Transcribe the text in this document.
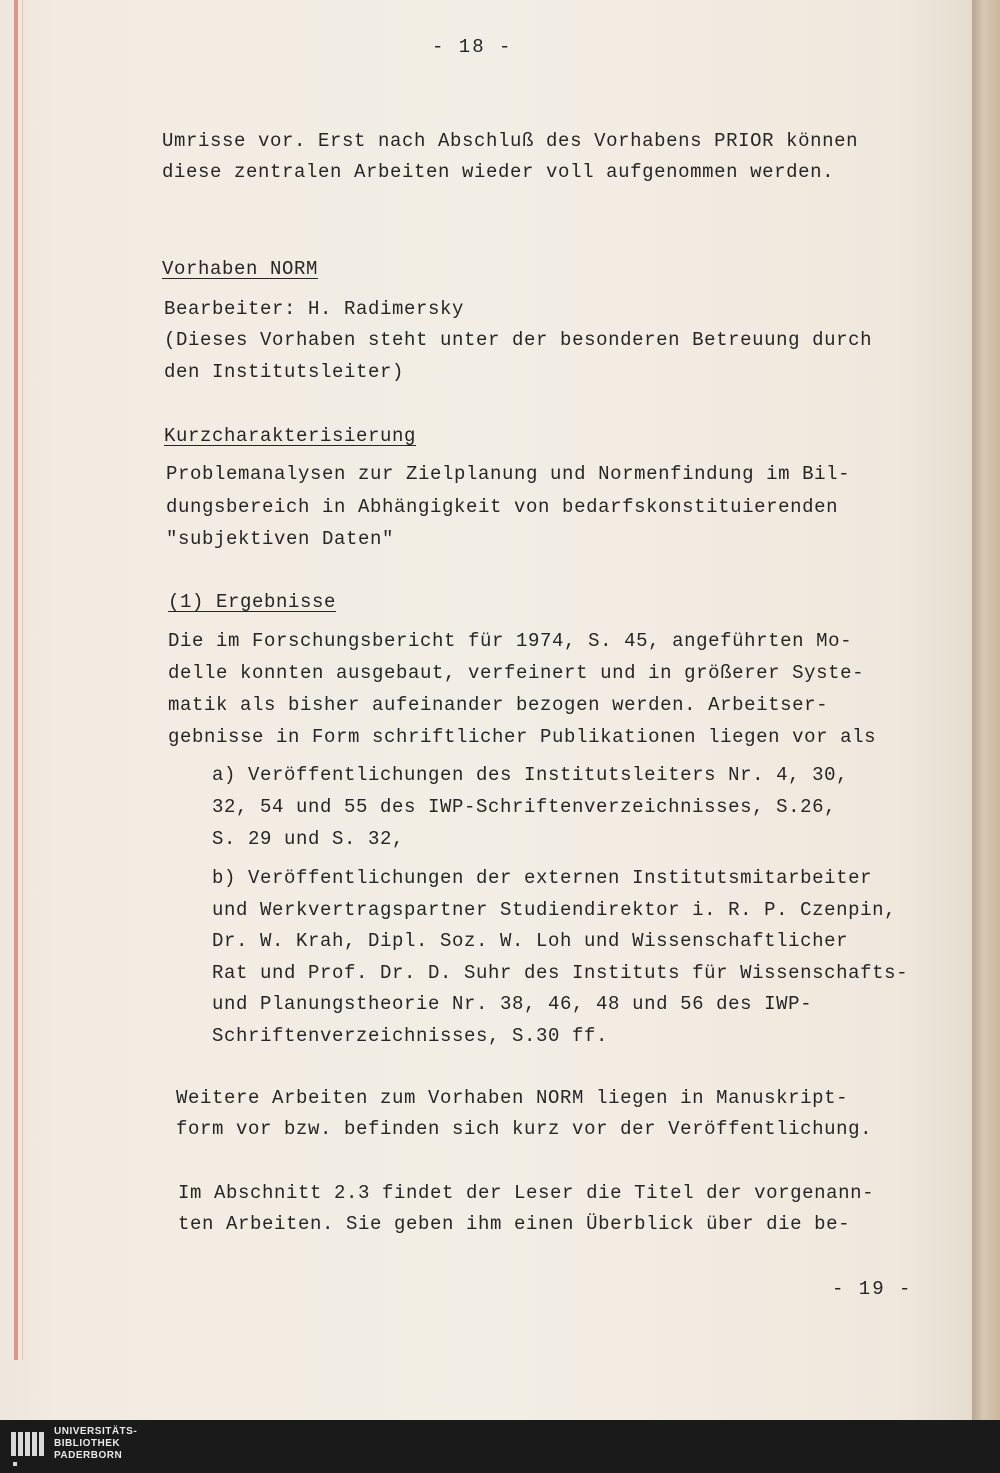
- 18 -
Umrisse vor. Erst nach Abschluß des Vorhabens PRIOR können
diese zentralen Arbeiten wieder voll aufgenommen werden.
Vorhaben NORM
Bearbeiter: H. Radimersky
(Dieses Vorhaben steht unter der besonderen Betreuung durch
den Institutsleiter)
Kurzcharakterisierung
Problemanalysen zur Zielplanung und Normenfindung im Bil-
dungsbereich in Abhängigkeit von bedarfskonstituierenden
"subjektiven Daten"
(1) Ergebnisse
Die im Forschungsbericht für 1974, S. 45, angeführten Mo-
delle konnten ausgebaut, verfeinert und in größerer Syste-
matik als bisher aufeinander bezogen werden. Arbeitser-
gebnisse in Form schriftlicher Publikationen liegen vor als
a) Veröffentlichungen des Institutsleiters Nr. 4, 30,
32, 54 und 55 des IWP-Schriftenverzeichnisses, S.26,
S. 29 und S. 32,
b) Veröffentlichungen der externen Institutsmitarbeiter
und Werkvertragspartner Studiendirektor i. R. P. Czenpin,
Dr. W. Krah, Dipl. Soz. W. Loh und Wissenschaftlicher
Rat und Prof. Dr. D. Suhr des Instituts für Wissenschafts-
und Planungstheorie Nr. 38, 46, 48 und 56 des IWP-
Schriftenverzeichnisses, S.30 ff.
Weitere Arbeiten zum Vorhaben NORM liegen in Manuskript-
form vor bzw. befinden sich kurz vor der Veröffentlichung.
Im Abschnitt 2.3 findet der Leser die Titel der vorgenann-
ten Arbeiten. Sie geben ihm einen Überblick über die be-
- 19 -
UNIVERSITÄTS-
BIBLIOTHEK
PADERBORN
